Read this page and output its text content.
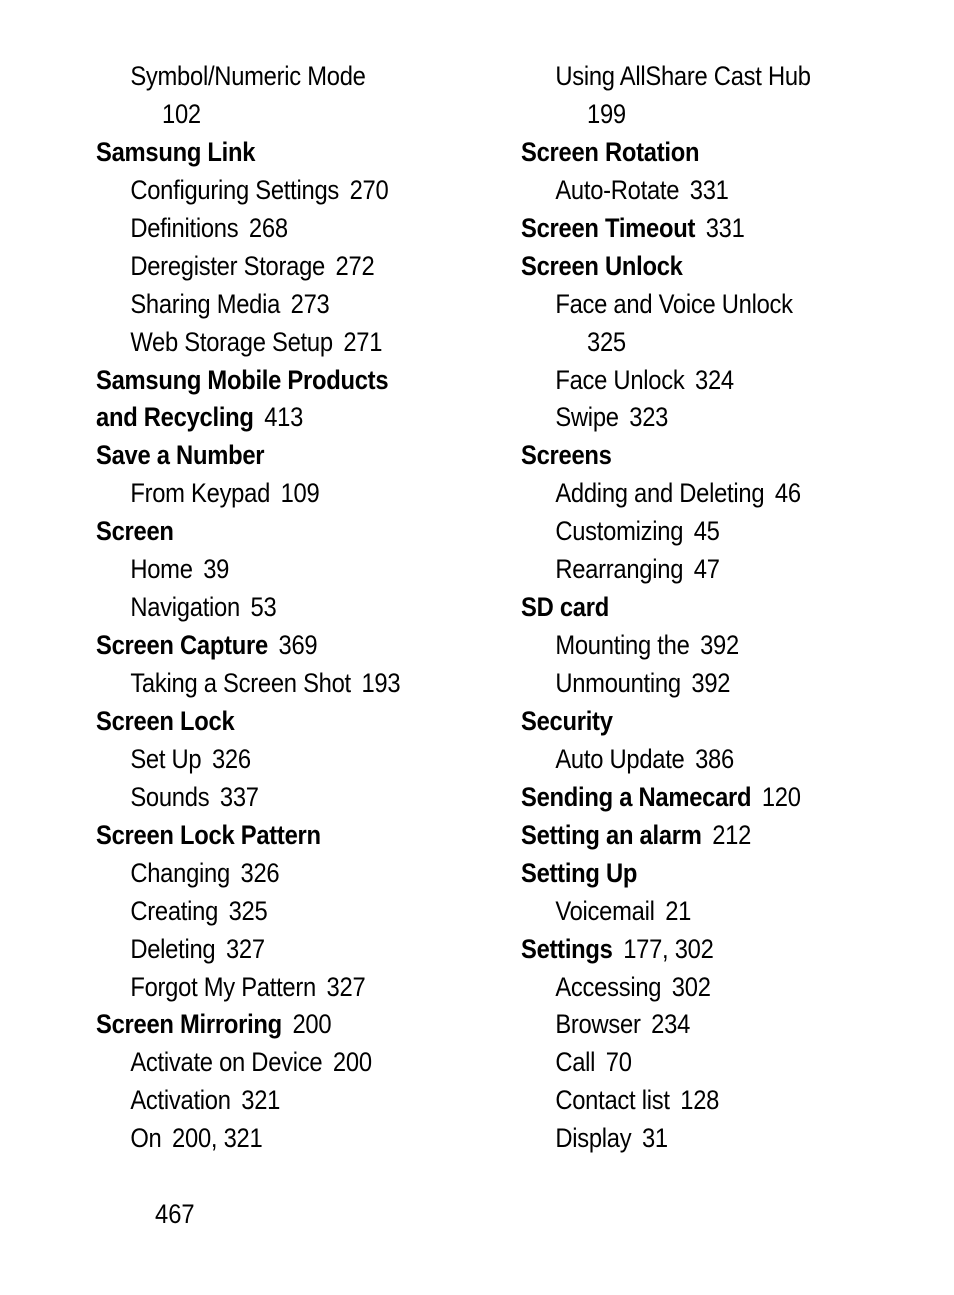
Symbol/Numeric Mode
102
Samsung Link
Configuring Settings 270
Definitions 268
Deregister Storage 272
Sharing Media 273
Web Storage Setup 271
Samsung Mobile Products
and Recycling 413
Save a Number
From Keypad 109
Screen
Home 39
Navigation 53
Screen Capture 369
Taking a Screen Shot 193
Screen Lock
Set Up 326
Sounds 337
Screen Lock Pattern
Changing 326
Creating 325
Deleting 327
Forgot My Pattern 327
Screen Mirroring 200
Activate on Device 200
Activation 321
On 200, 321
Using AllShare Cast Hub
199
Screen Rotation
Auto-Rotate 331
Screen Timeout 331
Screen Unlock
Face and Voice Unlock
325
Face Unlock 324
Swipe 323
Screens
Adding and Deleting 46
Customizing 45
Rearranging 47
SD card
Mounting the 392
Unmounting 392
Security
Auto Update 386
Sending a Namecard 120
Setting an alarm 212
Setting Up
Voicemail 21
Settings 177, 302
Accessing 302
Browser 234
Call 70
Contact list 128
Display 31
467
